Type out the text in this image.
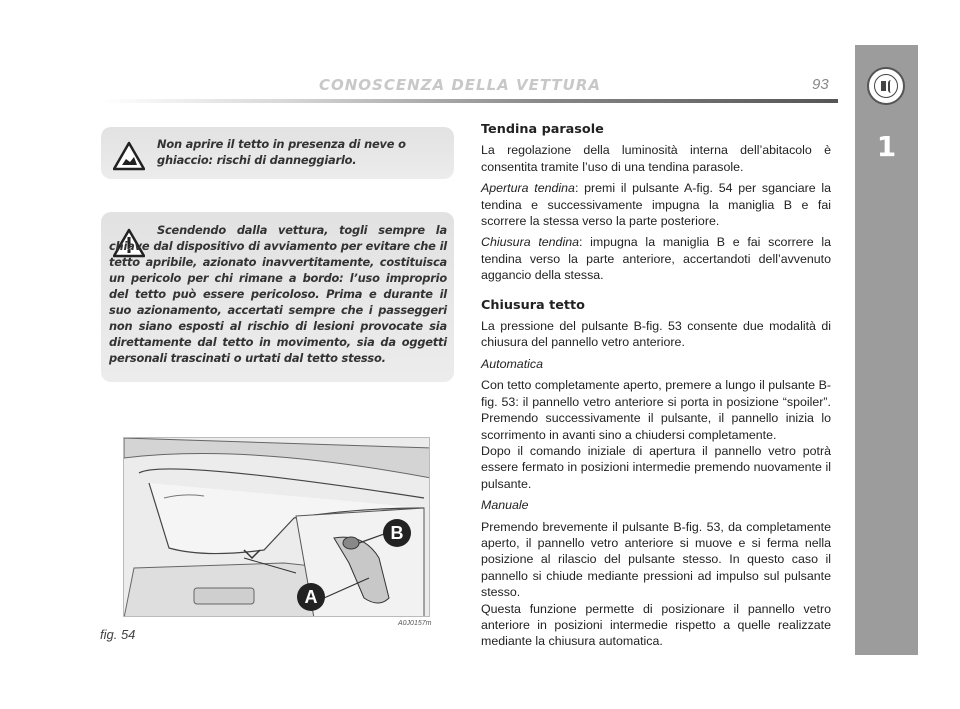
CONOSCENZA DELLA VETTURA	93
1
Non aprire il tetto in presenza di neve o ghiaccio: rischi di danneggiarlo.
Scendendo dalla vettura, togli sempre la chiave dal dispositivo di avviamento per evitare che il tetto apribile, azionato inavvertitamente, costituisca un pericolo per chi rimane a bordo: l’uso improprio del tetto può essere pericoloso. Prima e durante il suo azionamento, accertati sempre che i passeggeri non siano esposti al rischio di lesioni provocate sia direttamente dal tetto in movimento, sia da oggetti personali trascinati o urtati dal tetto stesso.
B
A
fig. 54
A0J0157m
Tendina parasole

La regolazione della luminosità interna dell’abitacolo è consentita tramite l’uso di una tendina parasole.

Apertura tendina: premi il pulsante A-fig. 54 per sganciare la tendina e successivamente impugna la maniglia B e fai scorrere la stessa verso la parte posteriore.

Chiusura tendina: impugna la maniglia B e fai scorrere la tendina verso la parte anteriore, accertandoti dell’avvenuto aggancio della stessa.

Chiusura tetto

La pressione del pulsante B-fig. 53 consente due modalità di chiusura del pannello vetro anteriore.

Automatica

Con tetto completamente aperto, premere a lungo il pulsante B-fig. 53: il pannello vetro anteriore si porta in posizione “spoiler”. Premendo successivamente il pulsante, il pannello inizia lo scorrimento in avanti sino a chiudersi completamente.

Dopo il comando iniziale di apertura il pannello vetro potrà essere fermato in posizioni intermedie premendo nuovamente il pulsante.

Manuale

Premendo brevemente il pulsante B-fig. 53, da completamente aperto, il pannello vetro anteriore si muove e si ferma nella posizione al rilascio del pulsante stesso. In questo caso il pannello si chiude mediante pressioni ad impulso sul pulsante stesso.

Questa funzione permette di posizionare il pannello vetro anteriore in posizioni intermedie rispetto a quelle realizzate mediante la chiusura automatica.
